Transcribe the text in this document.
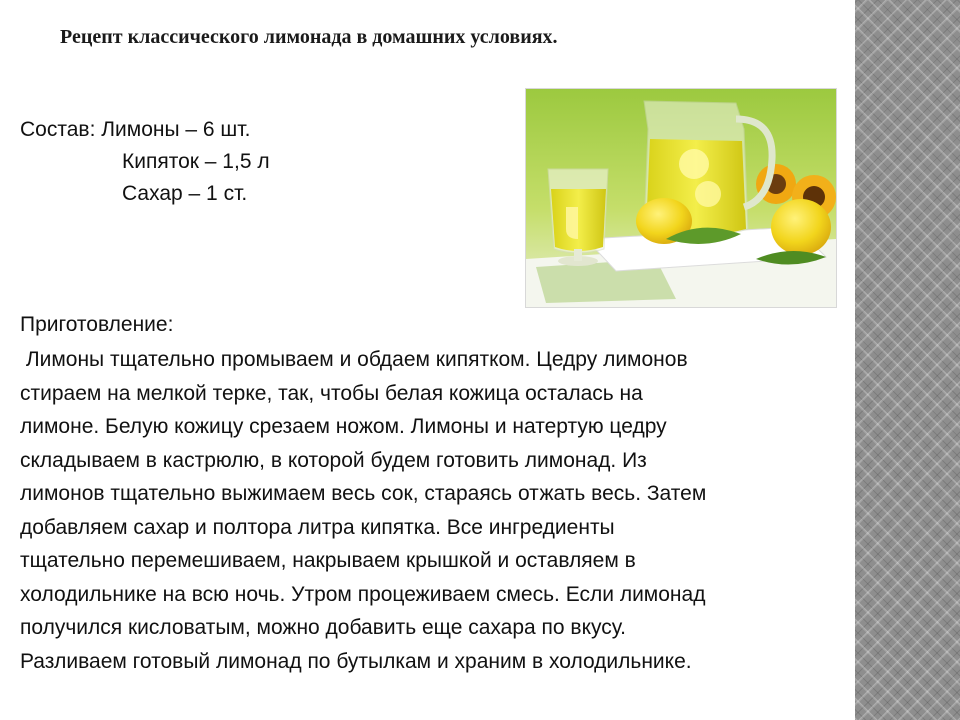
Рецепт классического лимонада в домашних условиях.
Состав: Лимоны – 6 шт.
Кипяток – 1,5 л
Сахар – 1 ст.
Приготовление:
Лимоны тщательно промываем и обдаем кипятком. Цедру лимонов
стираем на мелкой терке, так, чтобы белая кожица осталась на
лимоне. Белую кожицу срезаем ножом. Лимоны и натертую цедру
складываем в кастрюлю, в которой будем готовить лимонад. Из
лимонов тщательно выжимаем весь сок, стараясь отжать весь. Затем
добавляем сахар и полтора литра кипятка. Все ингредиенты
тщательно перемешиваем, накрываем крышкой и оставляем в
холодильнике на всю ночь. Утром процеживаем смесь. Если лимонад
получился кисловатым, можно добавить еще сахара по вкусу.
Разливаем готовый лимонад по бутылкам и храним в холодильнике.
